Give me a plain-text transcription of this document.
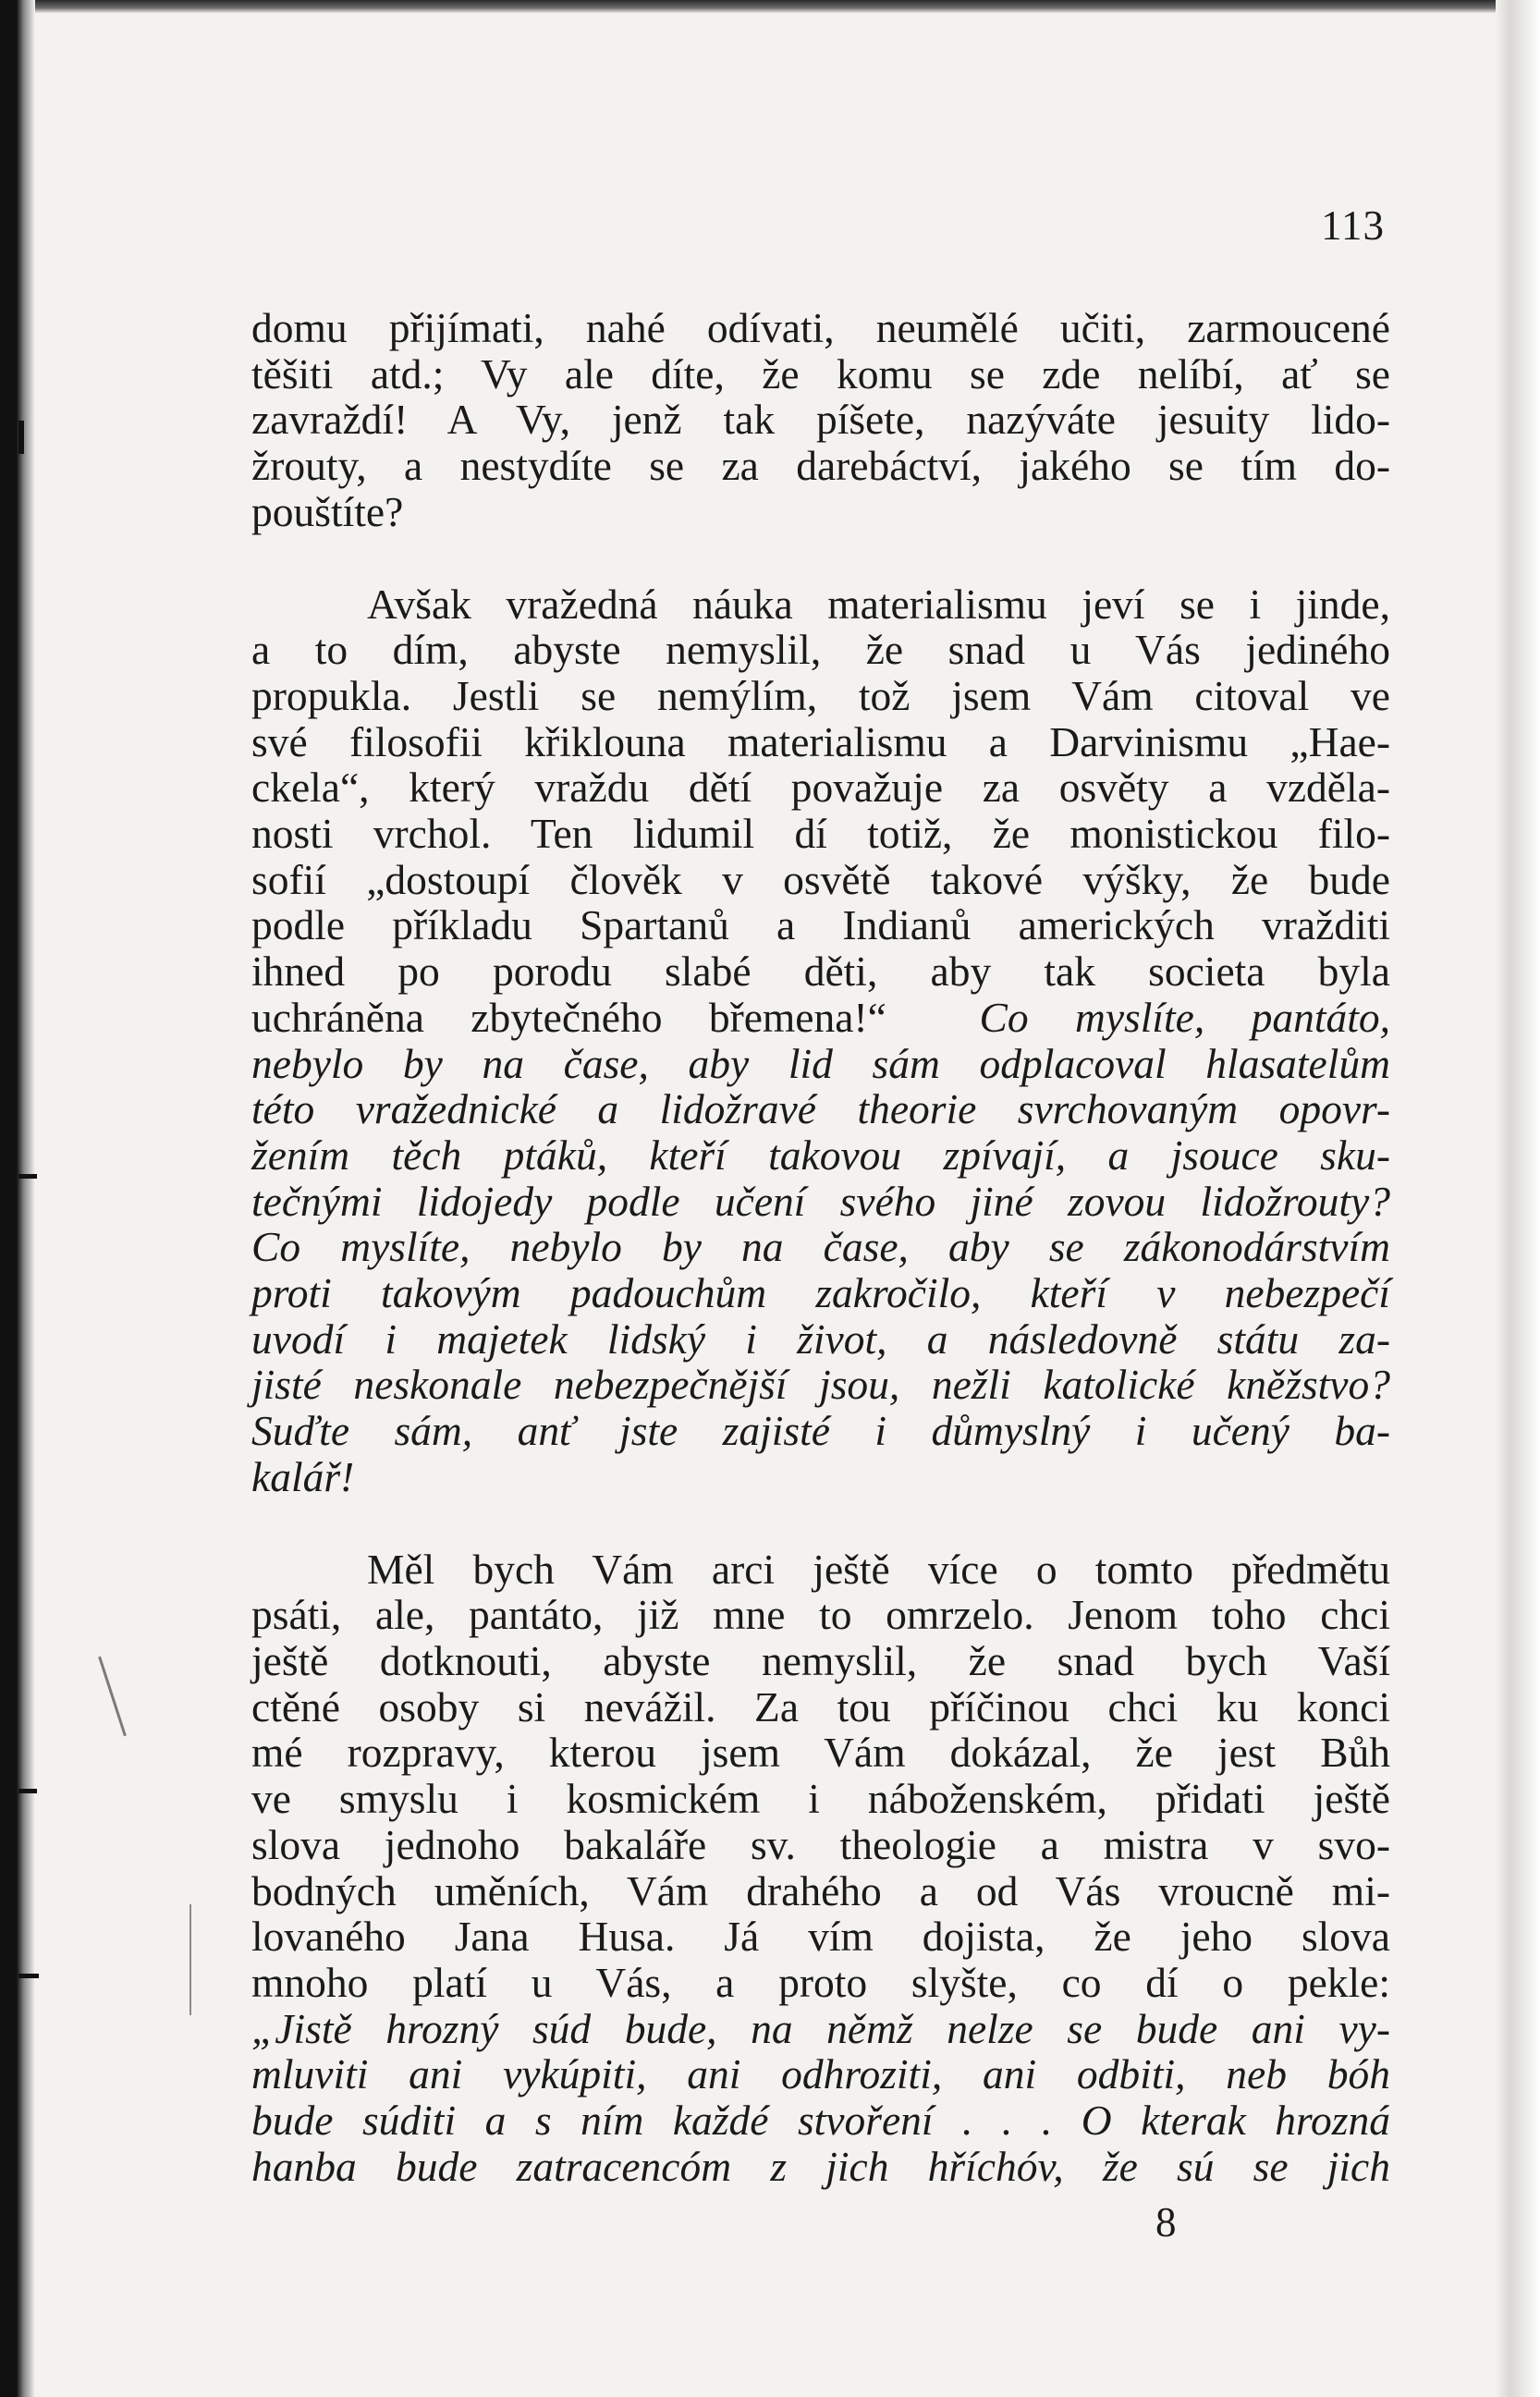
113
domu přijímati, nahé odívati, neumělé učiti, zarmoucené
těšiti atd.; Vy ale díte, že komu se zde nelíbí, ať se
zavraždí! A Vy, jenž tak píšete, nazýváte jesuity lido-
žrouty, a nestydíte se za darebáctví, jakého se tím do-
pouštíte?
Avšak vražedná náuka materialismu jeví se i jinde,
a to dím, abyste nemyslil, že snad u Vás jediného
propukla. Jestli se nemýlím, tož jsem Vám citoval ve
své filosofii křiklouna materialismu a Darvinismu „Hae-
ckela“, který vraždu dětí považuje za osvěty a vzděla-
nosti vrchol. Ten lidumil dí totiž, že monistickou filo-
sofií „dostoupí člověk v osvětě takové výšky, že bude
podle příkladu Spartanů a Indianů amerických vražditi
ihned po porodu slabé děti, aby tak societa byla
uchráněna zbytečného břemena!“ Co myslíte, pantáto,
nebylo by na čase, aby lid sám odplacoval hlasatelům
této vražednické a lidožravé theorie svrchovaným opovr-
žením těch ptáků, kteří takovou zpívají, a jsouce sku-
tečnými lidojedy podle učení svého jiné zovou lidožrouty?
Co myslíte, nebylo by na čase, aby se zákonodárstvím
proti takovým padouchům zakročilo, kteří v nebezpečí
uvodí i majetek lidský i život, a následovně státu za-
jisté neskonale nebezpečnější jsou, nežli katolické kněžstvo?
Suďte sám, anť jste zajisté i důmyslný i učený ba-
kalář!
Měl bych Vám arci ještě více o tomto předmětu
psáti, ale, pantáto, již mne to omrzelo. Jenom toho chci
ještě dotknouti, abyste nemyslil, že snad bych Vaší
ctěné osoby si nevážil. Za tou příčinou chci ku konci
mé rozpravy, kterou jsem Vám dokázal, že jest Bůh
ve smyslu i kosmickém i náboženském, přidati ještě
slova jednoho bakaláře sv. theologie a mistra v svo-
bodných uměních, Vám drahého a od Vás vroucně mi-
lovaného Jana Husa. Já vím dojista, že jeho slova
mnoho platí u Vás, a proto slyšte, co dí o pekle:
„Jistě hrozný súd bude, na němž nelze se bude ani vy-
mluviti ani vykúpiti, ani odhroziti, ani odbiti, neb bóh
bude súditi a s ním každé stvoření . . . O kterak hrozná
hanba bude zatracencóm z jich hříchóv, že sú se jich
8
